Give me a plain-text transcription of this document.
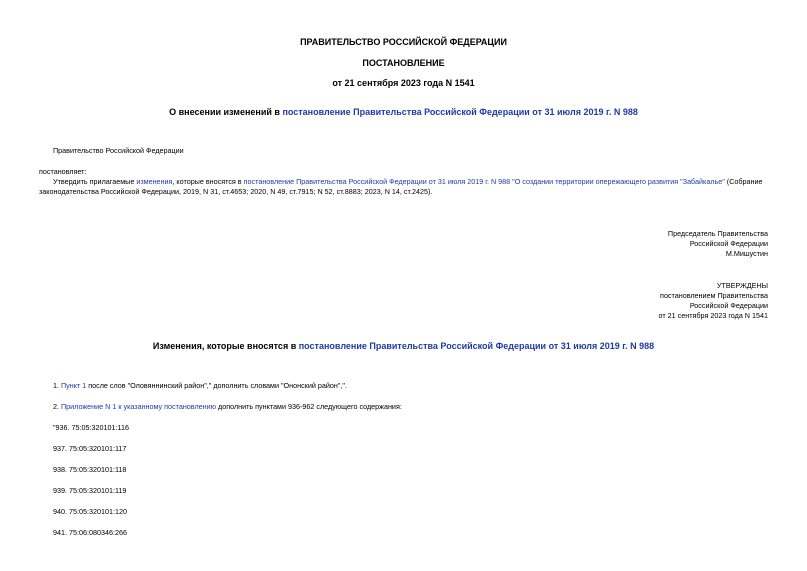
ПРАВИТЕЛЬСТВО РОССИЙСКОЙ ФЕДЕРАЦИИ
ПОСТАНОВЛЕНИЕ
от 21 сентября 2023 года N 1541
О внесении изменений в постановление Правительства Российской Федерации от 31 июля 2019 г. N 988
Правительство Российской Федерации
постановляет:
Утвердить прилагаемые изменения, которые вносятся в постановление Правительства Российской Федерации от 31 июля 2019 г. N 988 "О создании территории опережающего развития "Забайкалье" (Собрание законодательства Российской Федерации, 2019, N 31, ст.4653; 2020, N 49, ст.7915; N 52, ст.8883; 2023, N 14, ст.2425).
Председатель Правительства
Российской Федерации
М.Мишустин
УТВЕРЖДЕНЫ
постановлением Правительства
Российской Федерации
от 21 сентября 2023 года N 1541
Изменения, которые вносятся в постановление Правительства Российской Федерации от 31 июля 2019 г. N 988
1. Пункт 1 после слов "Оловяннинский район"," дополнить словами "Ононский район",".
2. Приложение N 1 к указанному постановлению дополнить пунктами 936-962 следующего содержания:
"936. 75:05:320101:116
937. 75:05:320101:117
938. 75:05:320101:118
939. 75:05:320101:119
940. 75:05:320101:120
941. 75:06:080346:266
